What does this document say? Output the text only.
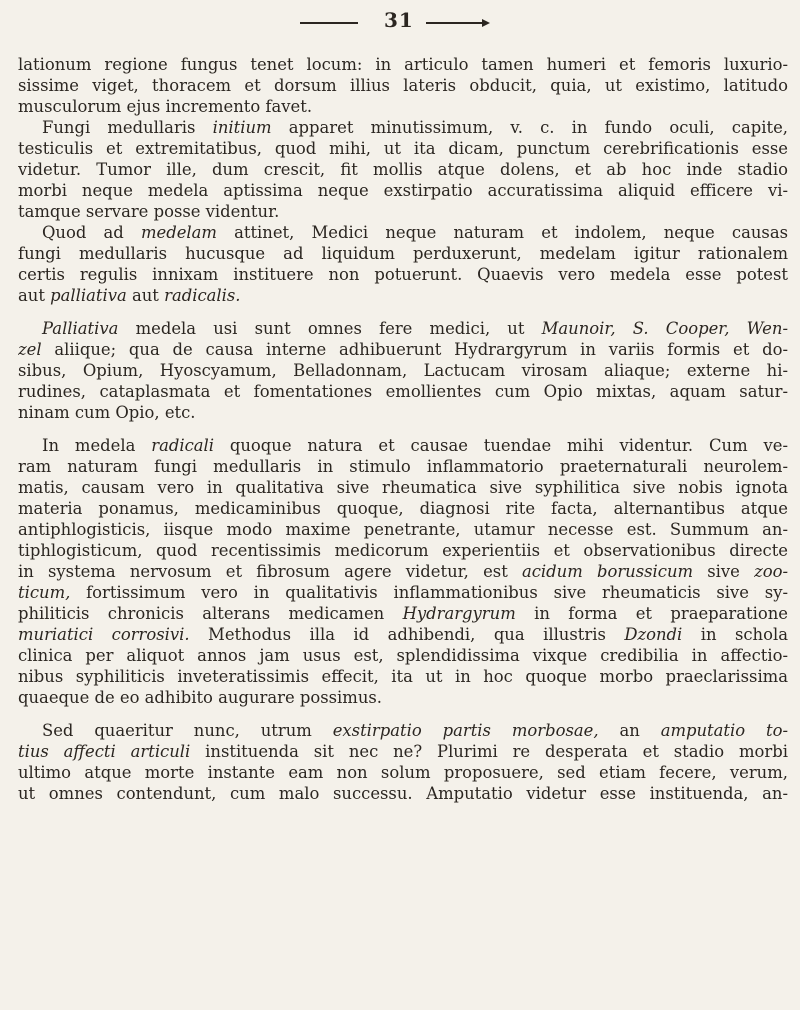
31
lationum regione fungus tenet locum: in articulo tamen humeri et femoris luxurio-
sissime viget, thoracem et dorsum illius lateris obducit, quia, ut existimo, latitudo
musculorum ejus incremento favet.
Fungi medullaris initium apparet minutissimum, v. c. in fundo oculi, capite,
testiculis et extremitatibus, quod mihi, ut ita dicam, punctum cerebrificationis esse
videtur. Tumor ille, dum crescit, fit mollis atque dolens, et ab hoc inde stadio
morbi neque medela aptissima neque exstirpatio accuratissima aliquid efficere vi-
tamque servare posse videntur.
Quod ad medelam attinet, Medici neque naturam et indolem, neque causas
fungi medullaris hucusque ad liquidum perduxerunt, medelam igitur rationalem
certis regulis innixam instituere non potuerunt. Quaevis vero medela esse potest
aut palliativa aut radicalis.
Palliativa medela usi sunt omnes fere medici, ut Maunoir, S. Cooper, Wen-
zel aliique; qua de causa interne adhibuerunt Hydrargyrum in variis formis et do-
sibus, Opium, Hyoscyamum, Belladonnam, Lactucam virosam aliaque; externe hi-
rudines, cataplasmata et fomentationes emollientes cum Opio mixtas, aquam satur-
ninam cum Opio, etc.
In medela radicali quoque natura et causae tuendae mihi videntur. Cum ve-
ram naturam fungi medullaris in stimulo inflammatorio praeternaturali neurolem-
matis, causam vero in qualitativa sive rheumatica sive syphilitica sive nobis ignota
materia ponamus, medicaminibus quoque, diagnosi rite facta, alternantibus atque
antiphlogisticis, iisque modo maxime penetrante, utamur necesse est. Summum an-
tiphlogisticum, quod recentissimis medicorum experientiis et observationibus directe
in systema nervosum et fibrosum agere videtur, est acidum borussicum sive zoo-
ticum, fortissimum vero in qualitativis inflammationibus sive rheumaticis sive sy-
philiticis chronicis alterans medicamen Hydrargyrum in forma et praeparatione
muriatici corrosivi. Methodus illa id adhibendi, qua illustris Dzondi in schola
clinica per aliquot annos jam usus est, splendidissima vixque credibilia in affectio-
nibus syphiliticis inveteratissimis effecit, ita ut in hoc quoque morbo praeclarissima
quaeque de eo adhibito augurare possimus.
Sed quaeritur nunc, utrum exstirpatio partis morbosae, an amputatio to-
tius affecti articuli instituenda sit nec ne? Plurimi re desperata et stadio morbi
ultimo atque morte instante eam non solum proposuere, sed etiam fecere, verum,
ut omnes contendunt, cum malo successu. Amputatio videtur esse instituenda, an-
